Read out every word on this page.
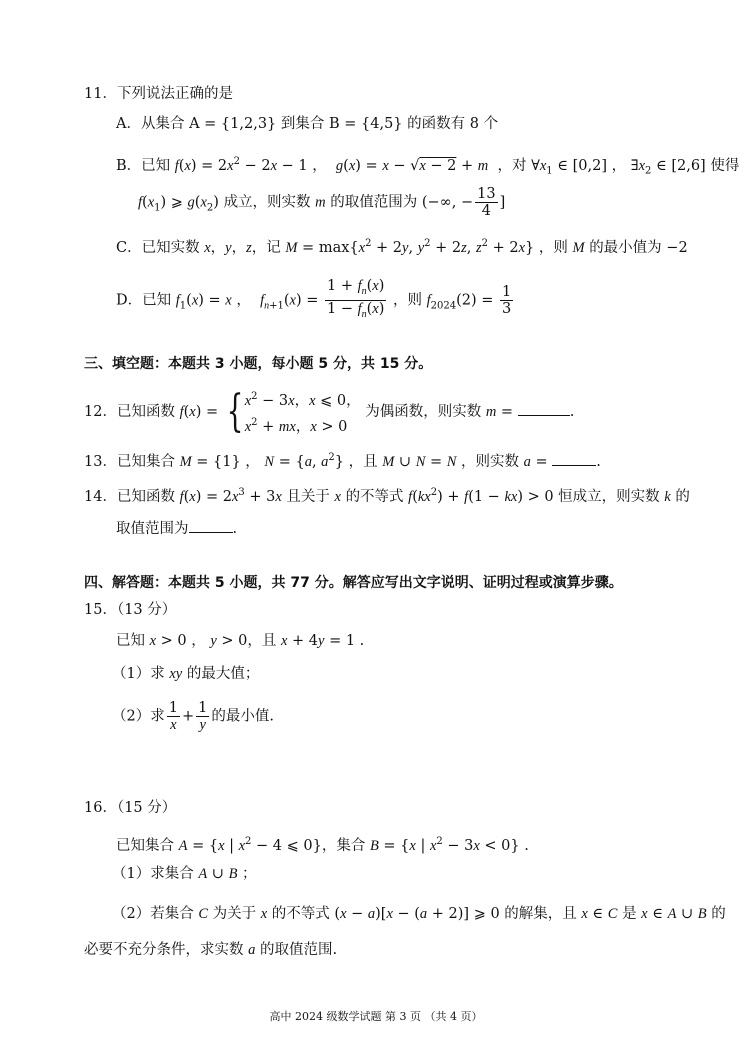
11．下列说法正确的是
A．从集合 A = {1,2,3} 到集合 B = {4,5} 的函数有 8 个
B．已知 $f(x) = 2x^2 - 2x - 1$ ，  g(x) = x − √x − 2 + m ，对 $\forall x_1$ ∈ [0,2] ， $\exists x_2$ ∈ [2,6] 使得
$f(x_1)$ ⩾ $g(x_2)$ 成立，则实数 m 的取值范围为 (−∞, − $\frac{13}{4}$ ]
C．已知实数 x，y，z，记 $M = \max\{x^2 + 2y$, $y^2 + 2z$, $z^2 + 2x$} ，则 M 的最小值为 −2
D．已知 $f_1(x) = x$ ，  $f_{n+1}(x) = \frac{1 + f_n(x)}{1 - f_n(x)}$ ，则 $f_{2024}(2) = \frac{1}{3}$
三、填空题：本题共 3 小题，每小题 5 分，共 15 分。
12．已知函数 f(x) = { $x^2 - 3x$，x ⩽ 0，
$x^2$ + mx，x > 0
为偶函数，则实数 m =	.
13．已知集合 M = {1} ， N = {a, $a^2$} ，且 M ∪ N = N ，则实数 a =	.
14．已知函数 $f(x) = 2x^3 + 3x$ 且关于 x 的不等式 $f(kx^2) + f(1 - kx) > 0$ 恒成立，则实数 k 的
取值范围为	.
四、解答题：本题共 5 小题，共 77 分。解答应写出文字说明、证明过程或演算步骤。
15．（13 分）
已知 x > 0 ， y > 0，且 x + 4y = 1 .
（1）求 xy 的最大值；
（2）求 $\frac{1}{x} + \frac{1}{y}$ 的最小值.
16．（15 分）
已知集合 A = {x | $x^2 - 4$ ⩽ 0}，集合 B = {x | $x^2 - 3x < 0$} .
（1）求集合 A ∪ B ；
（2）若集合 C 为关于 x 的不等式 (x − a)[x − (a + 2)] ⩾ 0 的解集，且 x ∈ C 是 x ∈ A ∪ B 的
必要不充分条件，求实数 a 的取值范围.
高中 2024 级数学试题 第 3 页 （共 4 页）
